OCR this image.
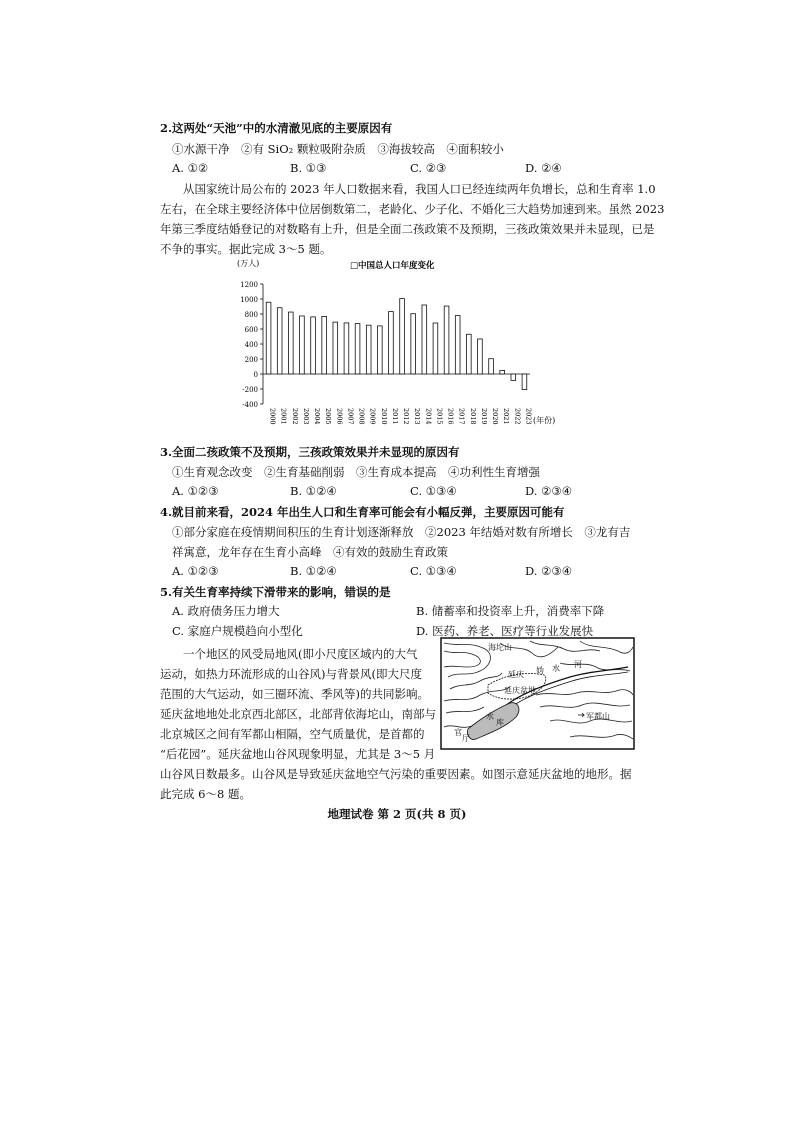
2.这两处“天池”中的水清澈见底的主要原因有
①水源干净　②有 SiO₂ 颗粒吸附杂质　③海拔较高　④面积较小
A. ①②	B. ①③	C. ②③	D. ②④
从国家统计局公布的 2023 年人口数据来看，我国人口已经连续两年负增长，总和生育率 1.0
左右，在全球主要经济体中位居倒数第二，老龄化、少子化、不婚化三大趋势加速到来。虽然 2023
年第三季度结婚登记的对数略有上升，但是全面二孩政策不及预期，三孩政策效果并未显现，已是
不争的事实。据此完成 3～5 题。
(万人)	□中国总人口年度变化
(年份)
1200
1000
800
600
400
200
0
-200
-400
2000 2001 2002 2003 2004 2005 2006 2007 2008 2009 2010 2011 2012 2013 2014 2015 2016 2017 2018 2019 2020 2021 2022 2023
3.全面二孩政策不及预期，三孩政策效果并未显现的原因有
①生育观念改变　②生育基础削弱　③生育成本提高　④功利性生育增强
A. ①②③	B. ①②④	C. ①③④	D. ②③④
4.就目前来看，2024 年出生人口和生育率可能会有小幅反弹，主要原因可能有
①部分家庭在疫情期间积压的生育计划逐渐释放　②2023 年结婚对数有所增长　③龙有吉
祥寓意，龙年存在生育小高峰　④有效的鼓励生育政策
A. ①②③	B. ①②④	C. ①③④	D. ②③④
5.有关生育率持续下滑带来的影响，错误的是
A. 政府债务压力增大	B. 储蓄率和投资率上升，消费率下降
C. 家庭户规模趋向小型化	D. 医药、养老、医疗等行业发展快
一个地区的风受局地风(即小尺度区域内的大气
运动，如热力环流形成的山谷风)与背景风(即大尺度
范围的大气运动，如三圈环流、季风等)的共同影响。
延庆盆地地处北京西北部区，北部背依海坨山，南部与
北京城区之间有军都山相隔，空气质量优，是首都的
“后花园”。延庆盆地山谷风现象明显，尤其是 3～5 月
山谷风日数最多。山谷风是导致延庆盆地空气污染的重要因素。如图示意延庆盆地的地形。据
此完成 6～8 题。
海坨山
延庆 妫 水 河
延庆盆地
水
库
官
厅
军都山
地理试卷 第 2 页(共 8 页)
